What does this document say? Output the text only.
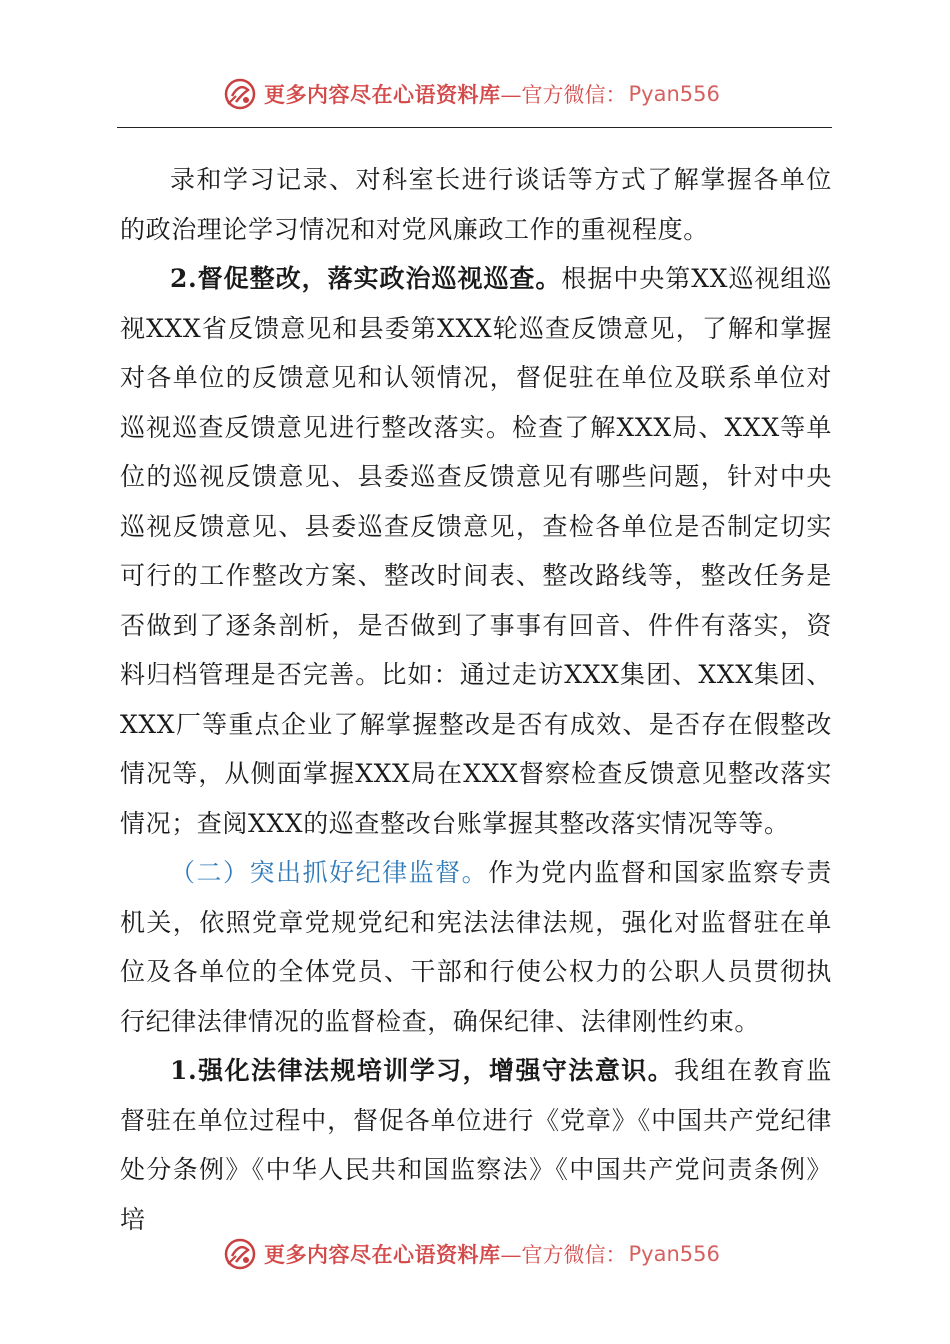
更多内容尽在心语资料库 —官方微信： Pyan556

录和学习记录、对科室长进行谈话等方式了解掌握各单位的政治理论学习情况和对党风廉政工作的重视程度。

2.督促整改，落实政治巡视巡查。根据中央第XX巡视组巡视XXX省反馈意见和县委第XXX轮巡查反馈意见，了解和掌握对各单位的反馈意见和认领情况，督促驻在单位及联系单位对巡视巡查反馈意见进行整改落实。检查了解XXX局、XXX等单位的巡视反馈意见、县委巡查反馈意见有哪些问题，针对中央巡视反馈意见、县委巡查反馈意见，查检各单位是否制定切实可行的工作整改方案、整改时间表、整改路线等，整改任务是否做到了逐条剖析，是否做到了事事有回音、件件有落实，资料归档管理是否完善。比如：通过走访XXX集团、XXX集团、XXX厂等重点企业了解掌握整改是否有成效、是否存在假整改情况等，从侧面掌握XXX局在XXX督察检查反馈意见整改落实情况；查阅XXX的巡查整改台账掌握其整改落实情况等等。

（二）突出抓好纪律监督。作为党内监督和国家监察专责机关，依照党章党规党纪和宪法法律法规，强化对监督驻在单位及各单位的全体党员、干部和行使公权力的公职人员贯彻执行纪律法律情况的监督检查，确保纪律、法律刚性约束。

1.强化法律法规培训学习，增强守法意识。我组在教育监督驻在单位过程中，督促各单位进行《党章》《中国共产党纪律处分条例》《中华人民共和国监察法》《中国共产党问责条例》培

更多内容尽在心语资料库 —官方微信： Pyan556
